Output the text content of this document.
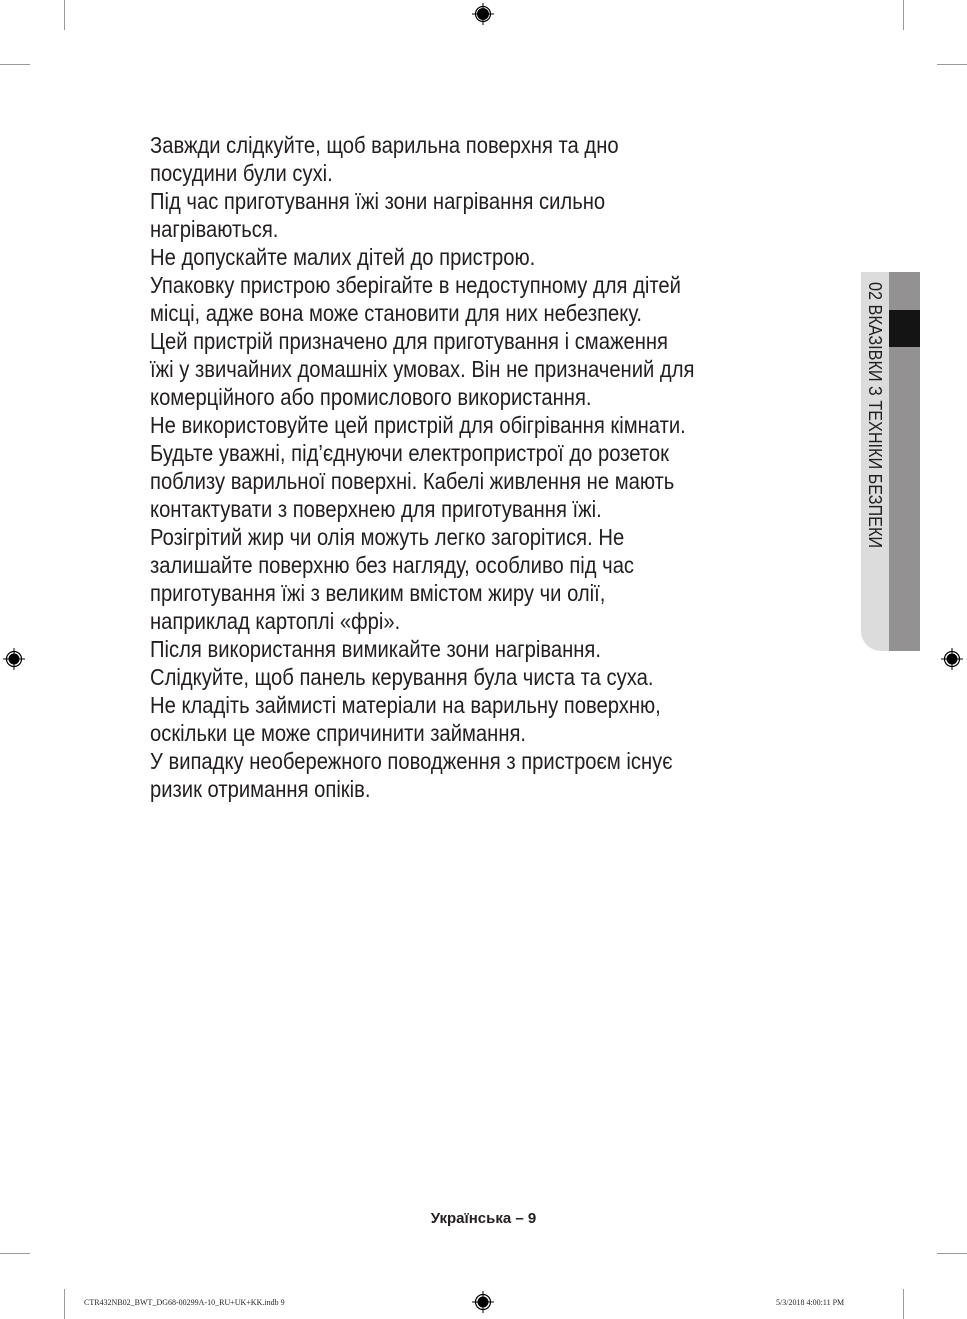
Завжди слідкуйте, щоб варильна поверхня та дно
посудини були сухі.
Під час приготування їжі зони нагрівання сильно
нагріваються.
Не допускайте малих дітей до пристрою.
Упаковку пристрою зберігайте в недоступному для дітей
місці, адже вона може становити для них небезпеку.
Цей пристрій призначено для приготування і смаження
їжі у звичайних домашніх умовах. Він не призначений для
комерційного або промислового використання.
Не використовуйте цей пристрій для обігрівання кімнати.
Будьте уважні, під’єднуючи електропристрої до розеток
поблизу варильної поверхні. Кабелі живлення не мають
контактувати з поверхнею для приготування їжі.
Розігрітий жир чи олія можуть легко загорітися. Не
залишайте поверхню без нагляду, особливо під час
приготування їжі з великим вмістом жиру чи олії,
наприклад картоплі «фрі».
Після використання вимикайте зони нагрівання.
Слідкуйте, щоб панель керування була чиста та суха.
Не кладіть займисті матеріали на варильну поверхню,
оскільки це може спричинити займання.
У випадку необережного поводження з пристроєм існує
ризик отримання опіків.
02 ВКАЗІВКИ З ТЕХНІКИ БЕЗПЕКИ
Українська – 9
CTR432NB02_BWT_DG68-00299A-10_RU+UK+KK.indb 9	5/3/2018 4:00:11 PM
